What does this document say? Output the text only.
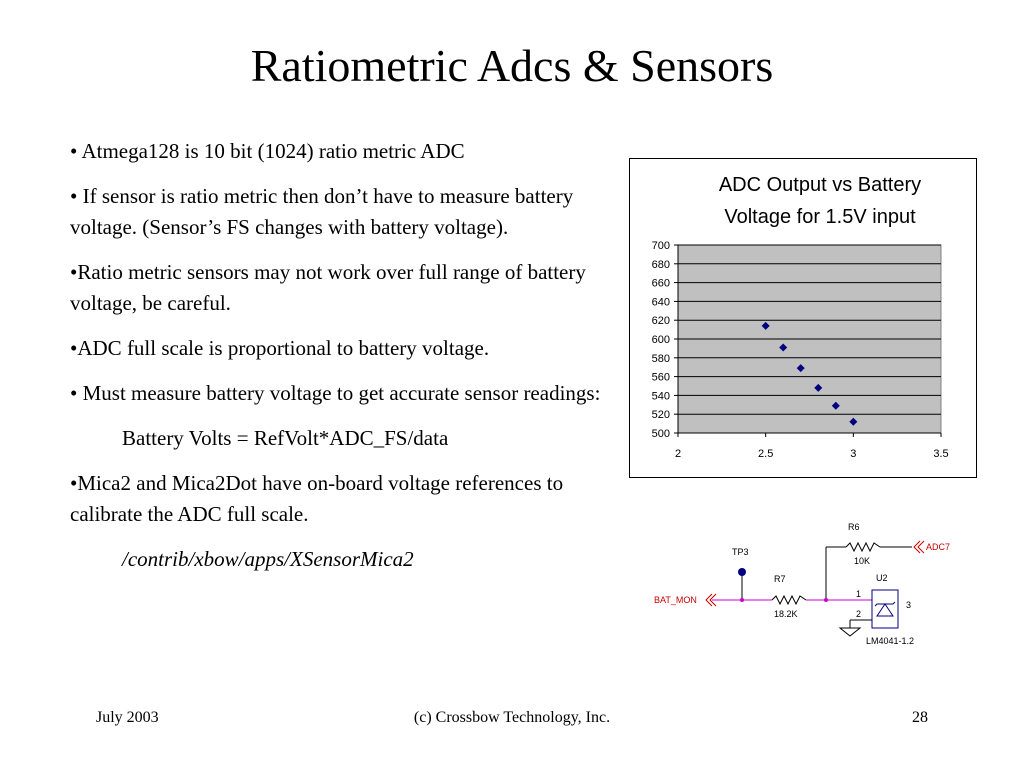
Ratiometric Adcs & Sensors
• Atmega128 is 10 bit (1024) ratio metric ADC
• If sensor is ratio metric then don’t have to measure battery voltage. (Sensor’s FS changes with battery voltage).
•Ratio metric sensors may not work over full range of battery voltage, be careful.
•ADC full scale is proportional to battery voltage.
• Must measure battery voltage to get accurate sensor readings:
Battery Volts = RefVolt*ADC_FS/data
•Mica2 and Mica2Dot have on-board voltage references to calibrate the ADC full scale.
/contrib/xbow/apps/XSensorMica2
ADC Output vs Battery
Voltage for 1.5V input
500
520
540
560
580
600
620
640
660
680
700
2	2.5	3	3.5
R6
10K
ADC7
TP3
R7
18.2K
U2
1
2
3
BAT_MON
LM4041-1.2
July 2003	(c) Crossbow Technology, Inc.	28
